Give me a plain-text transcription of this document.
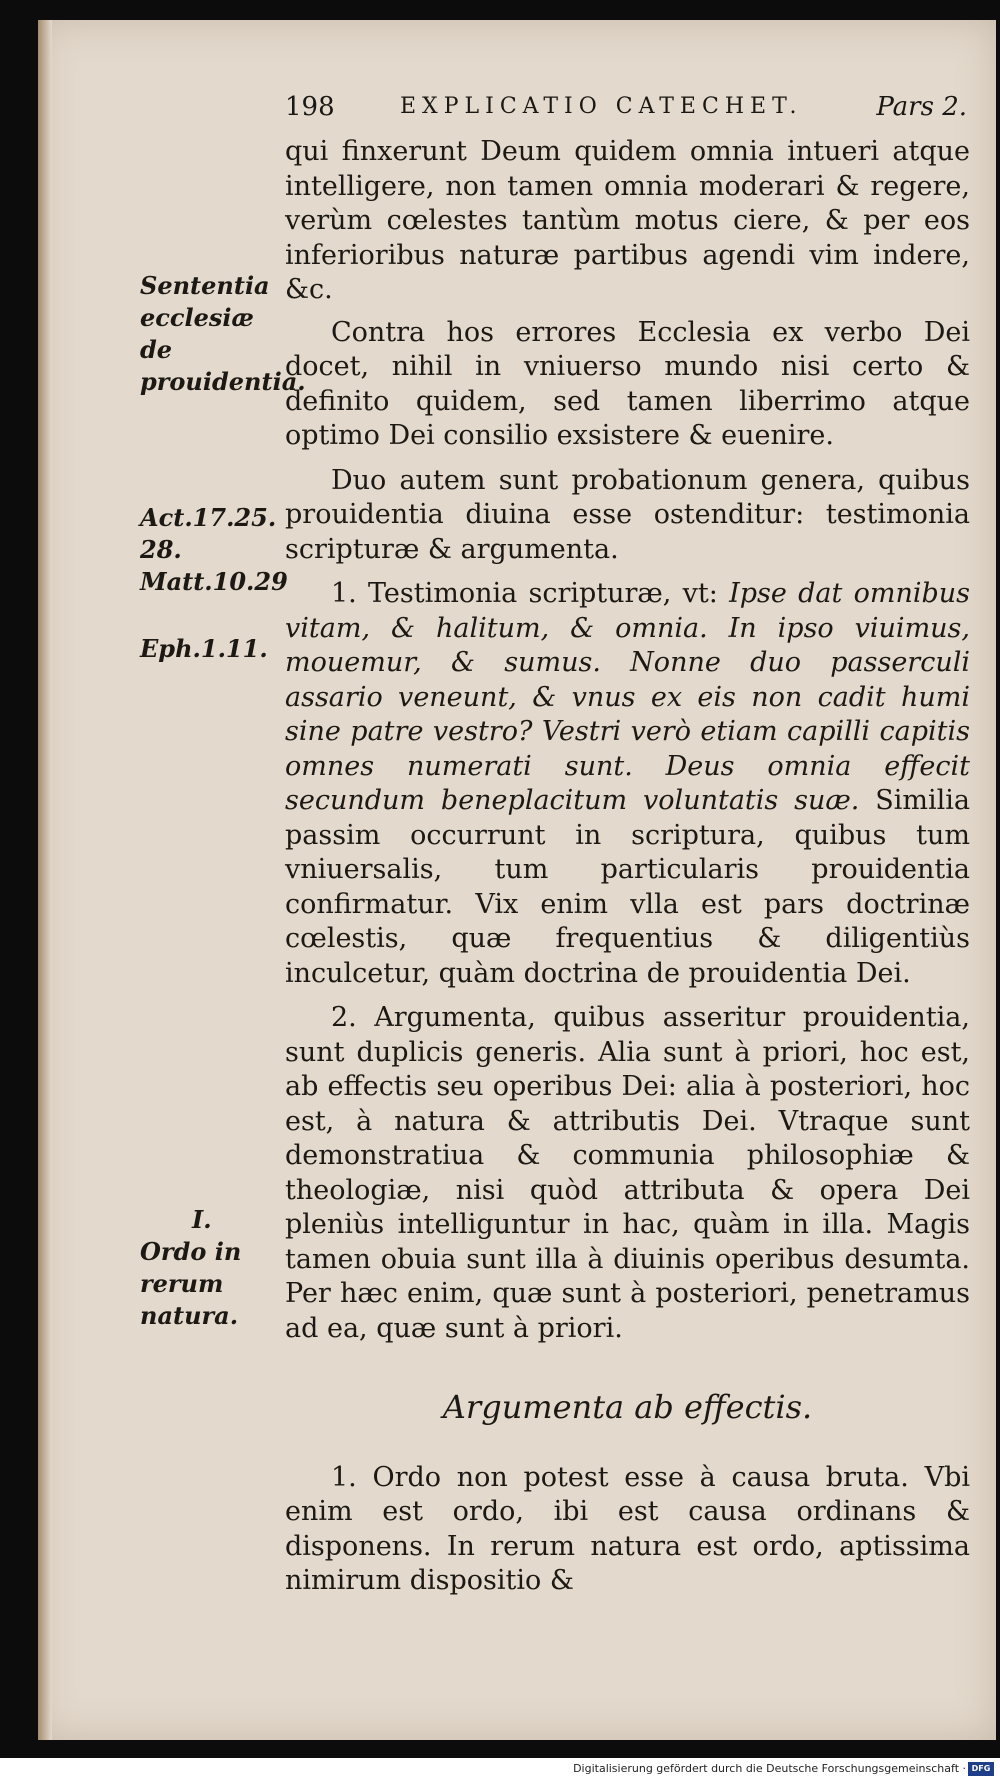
198	EXPLICATIO CATECHET.	Pars 2.
Sententia ecclesiæ de prouidentia.
Act.17.25.
28.
Matt.10.29
Eph.1.11.
I.
Ordo in rerum natura.

qui finxerunt Deum quidem omnia intueri atque intelligere, non tamen omnia moderari & regere, verùm cœlestes tantùm motus ciere, & per eos inferioribus naturæ partibus agendi vim indere, &c.

Contra hos errores Ecclesia ex verbo Dei docet, nihil in vniuerso mundo nisi certo & definito quidem, sed tamen liberrimo atque optimo Dei consilio exsistere & euenire.

Duo autem sunt probationum genera, quibus prouidentia diuina esse ostenditur: testimonia scripturæ & argumenta.

1. Testimonia scripturæ, vt: Ipse dat omnibus vitam, & halitum, & omnia. In ipso viuimus, mouemur, & sumus. Nonne duo passerculi assario veneunt, & vnus ex eis non cadit humi sine patre vestro? Vestri verò etiam capilli capitis omnes numerati sunt. Deus omnia effecit secundum beneplacitum voluntatis suæ. Similia passim occurrunt in scriptura, quibus tum vniuersalis, tum particularis prouidentia confirmatur. Vix enim vlla est pars doctrinæ cœlestis, quæ frequentius & diligentiùs inculcetur, quàm doctrina de prouidentia Dei.

2. Argumenta, quibus asseritur prouidentia, sunt duplicis generis. Alia sunt à priori, hoc est, ab effectis seu operibus Dei: alia à posteriori, hoc est, à natura & attributis Dei. Vtraque sunt demonstratiua & communia philosophiæ & theologiæ, nisi quòd attributa & opera Dei pleniùs intelliguntur in hac, quàm in illa. Magis tamen obuia sunt illa à diuinis operibus desumta. Per hæc enim, quæ sunt à posteriori, penetramus ad ea, quæ sunt à priori.

Argumenta ab effectis.

1. Ordo non potest esse à causa bruta. Vbi enim est ordo, ibi est causa ordinans & disponens. In rerum natura est ordo, aptissima nimirum dispositio &

Digitalisierung gefördert durch die Deutsche Forschungsgemeinschaft · DFG
